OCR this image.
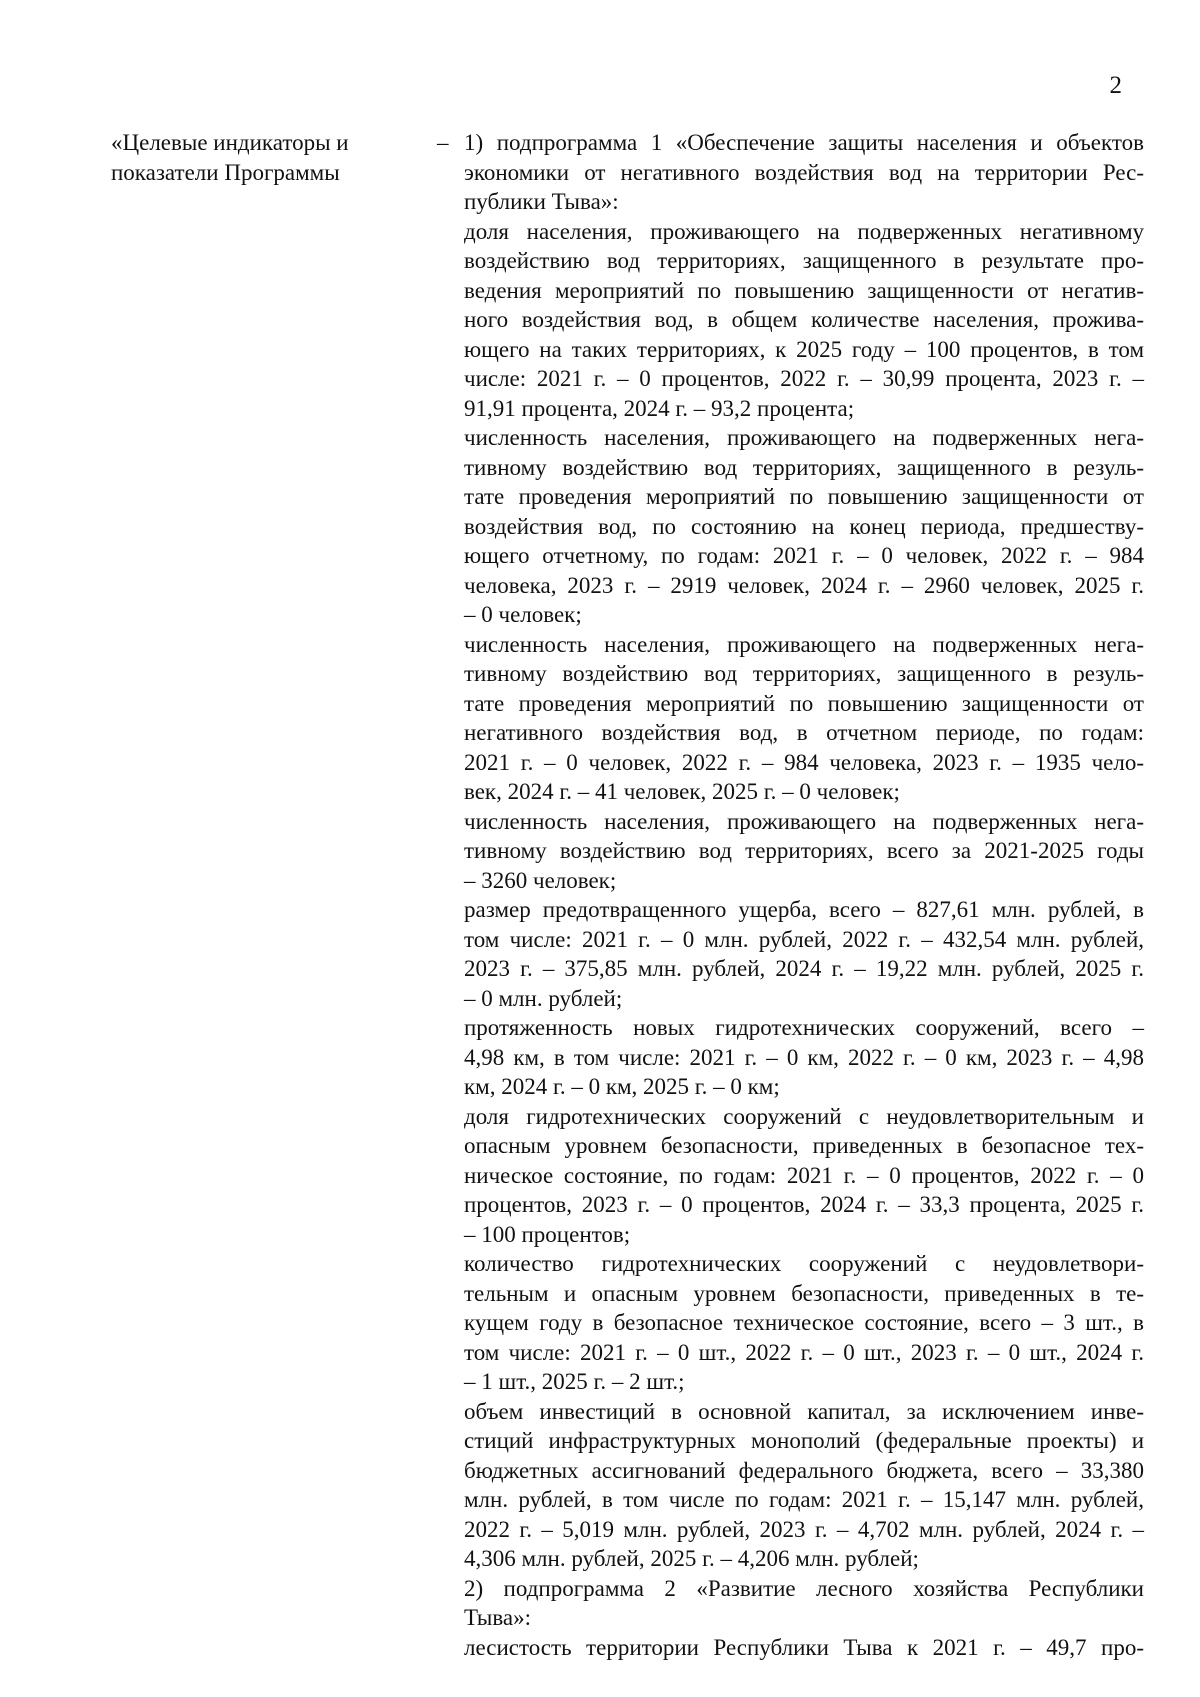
2
«Целевые индикаторы и
показатели Программы
– 1) подпрограмма 1 «Обеспечение защиты населения и объектов
экономики от негативного воздействия вод на территории Рес-
публики Тыва»:
доля населения, проживающего на подверженных негативному
воздействию вод территориях, защищенного в результате про-
ведения мероприятий по повышению защищенности от негатив-
ного воздействия вод, в общем количестве населения, прожива-
ющего на таких территориях, к 2025 году – 100 процентов, в том
числе: 2021 г. – 0 процентов, 2022 г. – 30,99 процента, 2023 г. –
91,91 процента, 2024 г. – 93,2 процента;
численность населения, проживающего на подверженных нега-
тивному воздействию вод территориях, защищенного в резуль-
тате проведения мероприятий по повышению защищенности от
воздействия вод, по состоянию на конец периода, предшеству-
ющего отчетному, по годам: 2021 г. – 0 человек, 2022 г. – 984
человека, 2023 г. – 2919 человек, 2024 г. – 2960 человек, 2025 г.
– 0 человек;
численность населения, проживающего на подверженных нега-
тивному воздействию вод территориях, защищенного в резуль-
тате проведения мероприятий по повышению защищенности от
негативного воздействия вод, в отчетном периоде, по годам:
2021 г. – 0 человек, 2022 г. – 984 человека, 2023 г. – 1935 чело-
век, 2024 г. – 41 человек, 2025 г. – 0 человек;
численность населения, проживающего на подверженных нега-
тивному воздействию вод территориях, всего за 2021-2025 годы
– 3260 человек;
размер предотвращенного ущерба, всего – 827,61 млн. рублей, в
том числе: 2021 г. – 0 млн. рублей, 2022 г. – 432,54 млн. рублей,
2023 г. – 375,85 млн. рублей, 2024 г. – 19,22 млн. рублей, 2025 г.
– 0 млн. рублей;
протяженность новых гидротехнических сооружений, всего –
4,98 км, в том числе: 2021 г. – 0 км, 2022 г. – 0 км, 2023 г. – 4,98
км, 2024 г. – 0 км, 2025 г. – 0 км;
доля гидротехнических сооружений с неудовлетворительным и
опасным уровнем безопасности, приведенных в безопасное тех-
ническое состояние, по годам: 2021 г. – 0 процентов, 2022 г. – 0
процентов, 2023 г. – 0 процентов, 2024 г. – 33,3 процента, 2025 г.
– 100 процентов;
количество гидротехнических сооружений с неудовлетвори-
тельным и опасным уровнем безопасности, приведенных в те-
кущем году в безопасное техническое состояние, всего – 3 шт., в
том числе: 2021 г. – 0 шт., 2022 г. – 0 шт., 2023 г. – 0 шт., 2024 г.
– 1 шт., 2025 г. – 2 шт.;
объем инвестиций в основной капитал, за исключением инве-
стиций инфраструктурных монополий (федеральные проекты) и
бюджетных ассигнований федерального бюджета, всего – 33,380
млн. рублей, в том числе по годам: 2021 г. – 15,147 млн. рублей,
2022 г. – 5,019 млн. рублей, 2023 г. – 4,702 млн. рублей, 2024 г. –
4,306 млн. рублей, 2025 г. – 4,206 млн. рублей;
2) подпрограмма 2 «Развитие лесного хозяйства Республики
Тыва»:
лесистость территории Республики Тыва к 2021 г. – 49,7 про-
